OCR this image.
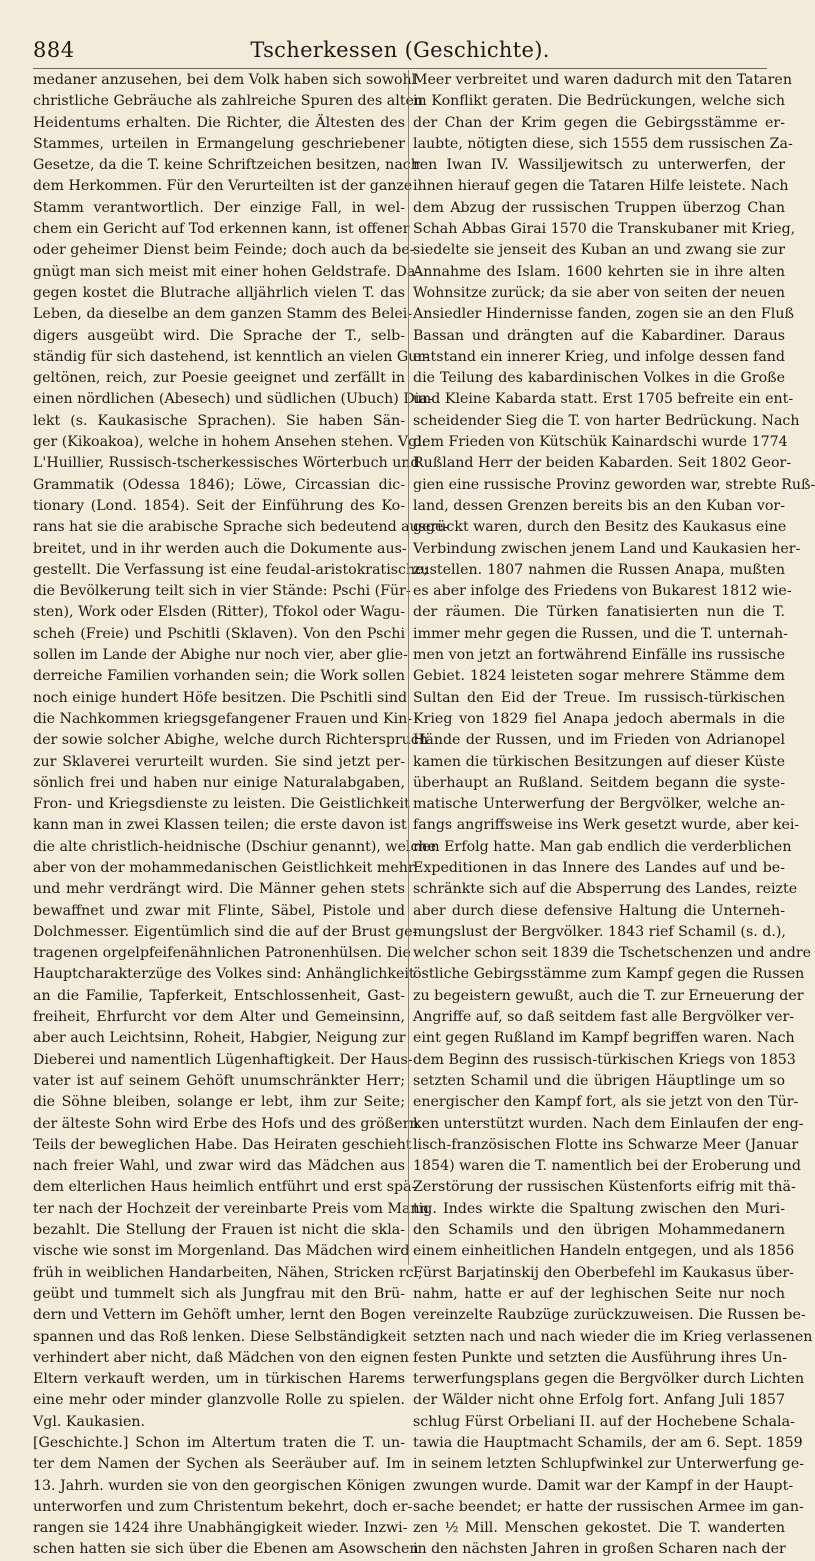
884	Tscherkessen (Geschichte).
medaner anzusehen, bei dem Volk haben sich sowohl
christliche Gebräuche als zahlreiche Spuren des alten
Heidentums erhalten. Die Richter, die Ältesten des
Stammes, urteilen in Ermangelung geschriebener
Gesetze, da die T. keine Schriftzeichen besitzen, nach
dem Herkommen. Für den Verurteilten ist der ganze
Stamm verantwortlich. Der einzige Fall, in wel-
chem ein Gericht auf Tod erkennen kann, ist offener
oder geheimer Dienst beim Feinde; doch auch da be-
gnügt man sich meist mit einer hohen Geldstrafe. Da-
gegen kostet die Blutrache alljährlich vielen T. das
Leben, da dieselbe an dem ganzen Stamm des Belei-
digers ausgeübt wird. Die Sprache der T., selb-
ständig für sich dastehend, ist kenntlich an vielen Gur-
geltönen, reich, zur Poesie geeignet und zerfällt in
einen nördlichen (Abesech) und südlichen (Ubuch) Dia-
lekt (s. Kaukasische Sprachen). Sie haben Sän-
ger (Kikoakoa), welche in hohem Ansehen stehen. Vgl.
L'Huillier, Russisch-tscherkessisches Wörterbuch und
Grammatik (Odessa 1846); Löwe, Circassian dic-
tionary (Lond. 1854). Seit der Einführung des Ko-
rans hat sie die arabische Sprache sich bedeutend ausge-
breitet, und in ihr werden auch die Dokumente aus-
gestellt. Die Verfassung ist eine feudal-aristokratische;
die Bevölkerung teilt sich in vier Stände: Pschi (Für-
sten), Work oder Elsden (Ritter), Tfokol oder Wagu-
scheh (Freie) und Pschitli (Sklaven). Von den Pschi
sollen im Lande der Abighe nur noch vier, aber glie-
derreiche Familien vorhanden sein; die Work sollen
noch einige hundert Höfe besitzen. Die Pschitli sind
die Nachkommen kriegsgefangener Frauen und Kin-
der sowie solcher Abighe, welche durch Richterspruch
zur Sklaverei verurteilt wurden. Sie sind jetzt per-
sönlich frei und haben nur einige Naturalabgaben,
Fron- und Kriegsdienste zu leisten. Die Geistlichkeit
kann man in zwei Klassen teilen; die erste davon ist
die alte christlich-heidnische (Dschiur genannt), welche
aber von der mohammedanischen Geistlichkeit mehr
und mehr verdrängt wird. Die Männer gehen stets
bewaffnet und zwar mit Flinte, Säbel, Pistole und
Dolchmesser. Eigentümlich sind die auf der Brust ge-
tragenen orgelpfeifenähnlichen Patronenhülsen. Die
Hauptcharakterzüge des Volkes sind: Anhänglichkeit
an die Familie, Tapferkeit, Entschlossenheit, Gast-
freiheit, Ehrfurcht vor dem Alter und Gemeinsinn,
aber auch Leichtsinn, Roheit, Habgier, Neigung zur
Dieberei und namentlich Lügenhaftigkeit. Der Haus-
vater ist auf seinem Gehöft unumschränkter Herr;
die Söhne bleiben, solange er lebt, ihm zur Seite;
der älteste Sohn wird Erbe des Hofs und des größern
Teils der beweglichen Habe. Das Heiraten geschieht
nach freier Wahl, und zwar wird das Mädchen aus
dem elterlichen Haus heimlich entführt und erst spä-
ter nach der Hochzeit der vereinbarte Preis vom Mann
bezahlt. Die Stellung der Frauen ist nicht die skla-
vische wie sonst im Morgenland. Das Mädchen wird
früh in weiblichen Handarbeiten, Nähen, Stricken rc.,
geübt und tummelt sich als Jungfrau mit den Brü-
dern und Vettern im Gehöft umher, lernt den Bogen
spannen und das Roß lenken. Diese Selbständigkeit
verhindert aber nicht, daß Mädchen von den eignen
Eltern verkauft werden, um in türkischen Harems
eine mehr oder minder glanzvolle Rolle zu spielen.
Vgl. Kaukasien.
[Geschichte.] Schon im Altertum traten die T. un-
ter dem Namen der Sychen als Seeräuber auf. Im
13. Jahrh. wurden sie von den georgischen Königen
unterworfen und zum Christentum bekehrt, doch er-
rangen sie 1424 ihre Unabhängigkeit wieder. Inzwi-
schen hatten sie sich über die Ebenen am Asowschen
Meer verbreitet und waren dadurch mit den Tataren
in Konflikt geraten. Die Bedrückungen, welche sich
der Chan der Krim gegen die Gebirgsstämme er-
laubte, nötigten diese, sich 1555 dem russischen Za-
ren Iwan IV. Wassiljewitsch zu unterwerfen, der
ihnen hierauf gegen die Tataren Hilfe leistete. Nach
dem Abzug der russischen Truppen überzog Chan
Schah Abbas Girai 1570 die Transkubaner mit Krieg,
siedelte sie jenseit des Kuban an und zwang sie zur
Annahme des Islam. 1600 kehrten sie in ihre alten
Wohnsitze zurück; da sie aber von seiten der neuen
Ansiedler Hindernisse fanden, zogen sie an den Fluß
Bassan und drängten auf die Kabardiner. Daraus
entstand ein innerer Krieg, und infolge dessen fand
die Teilung des kabardinischen Volkes in die Große
und Kleine Kabarda statt. Erst 1705 befreite ein ent-
scheidender Sieg die T. von harter Bedrückung. Nach
dem Frieden von Kütschük Kainardschi wurde 1774
Rußland Herr der beiden Kabarden. Seit 1802 Geor-
gien eine russische Provinz geworden war, strebte Ruß-
land, dessen Grenzen bereits bis an den Kuban vor-
gerückt waren, durch den Besitz des Kaukasus eine
Verbindung zwischen jenem Land und Kaukasien her-
zustellen. 1807 nahmen die Russen Anapa, mußten
es aber infolge des Friedens von Bukarest 1812 wie-
der räumen. Die Türken fanatisierten nun die T.
immer mehr gegen die Russen, und die T. unternah-
men von jetzt an fortwährend Einfälle ins russische
Gebiet. 1824 leisteten sogar mehrere Stämme dem
Sultan den Eid der Treue. Im russisch-türkischen
Krieg von 1829 fiel Anapa jedoch abermals in die
Hände der Russen, und im Frieden von Adrianopel
kamen die türkischen Besitzungen auf dieser Küste
überhaupt an Rußland. Seitdem begann die syste-
matische Unterwerfung der Bergvölker, welche an-
fangs angriffsweise ins Werk gesetzt wurde, aber kei-
nen Erfolg hatte. Man gab endlich die verderblichen
Expeditionen in das Innere des Landes auf und be-
schränkte sich auf die Absperrung des Landes, reizte
aber durch diese defensive Haltung die Unterneh-
mungslust der Bergvölker. 1843 rief Schamil (s. d.),
welcher schon seit 1839 die Tschetschenzen und andre
östliche Gebirgsstämme zum Kampf gegen die Russen
zu begeistern gewußt, auch die T. zur Erneuerung der
Angriffe auf, so daß seitdem fast alle Bergvölker ver-
eint gegen Rußland im Kampf begriffen waren. Nach
dem Beginn des russisch-türkischen Kriegs von 1853
setzten Schamil und die übrigen Häuptlinge um so
energischer den Kampf fort, als sie jetzt von den Tür-
ken unterstützt wurden. Nach dem Einlaufen der eng-
lisch-französischen Flotte ins Schwarze Meer (Januar
1854) waren die T. namentlich bei der Eroberung und
Zerstörung der russischen Küstenforts eifrig mit thä-
tig. Indes wirkte die Spaltung zwischen den Muri-
den Schamils und den übrigen Mohammedanern
einem einheitlichen Handeln entgegen, und als 1856
Fürst Barjatinskij den Oberbefehl im Kaukasus über-
nahm, hatte er auf der leghischen Seite nur noch
vereinzelte Raubzüge zurückzuweisen. Die Russen be-
setzten nach und nach wieder die im Krieg verlassenen
festen Punkte und setzten die Ausführung ihres Un-
terwerfungsplans gegen die Bergvölker durch Lichten
der Wälder nicht ohne Erfolg fort. Anfang Juli 1857
schlug Fürst Orbeliani II. auf der Hochebene Schala-
tawia die Hauptmacht Schamils, der am 6. Sept. 1859
in seinem letzten Schlupfwinkel zur Unterwerfung ge-
zwungen wurde. Damit war der Kampf in der Haupt-
sache beendet; er hatte der russischen Armee im gan-
zen ½ Mill. Menschen gekostet. Die T. wanderten
in den nächsten Jahren in großen Scharen nach der
